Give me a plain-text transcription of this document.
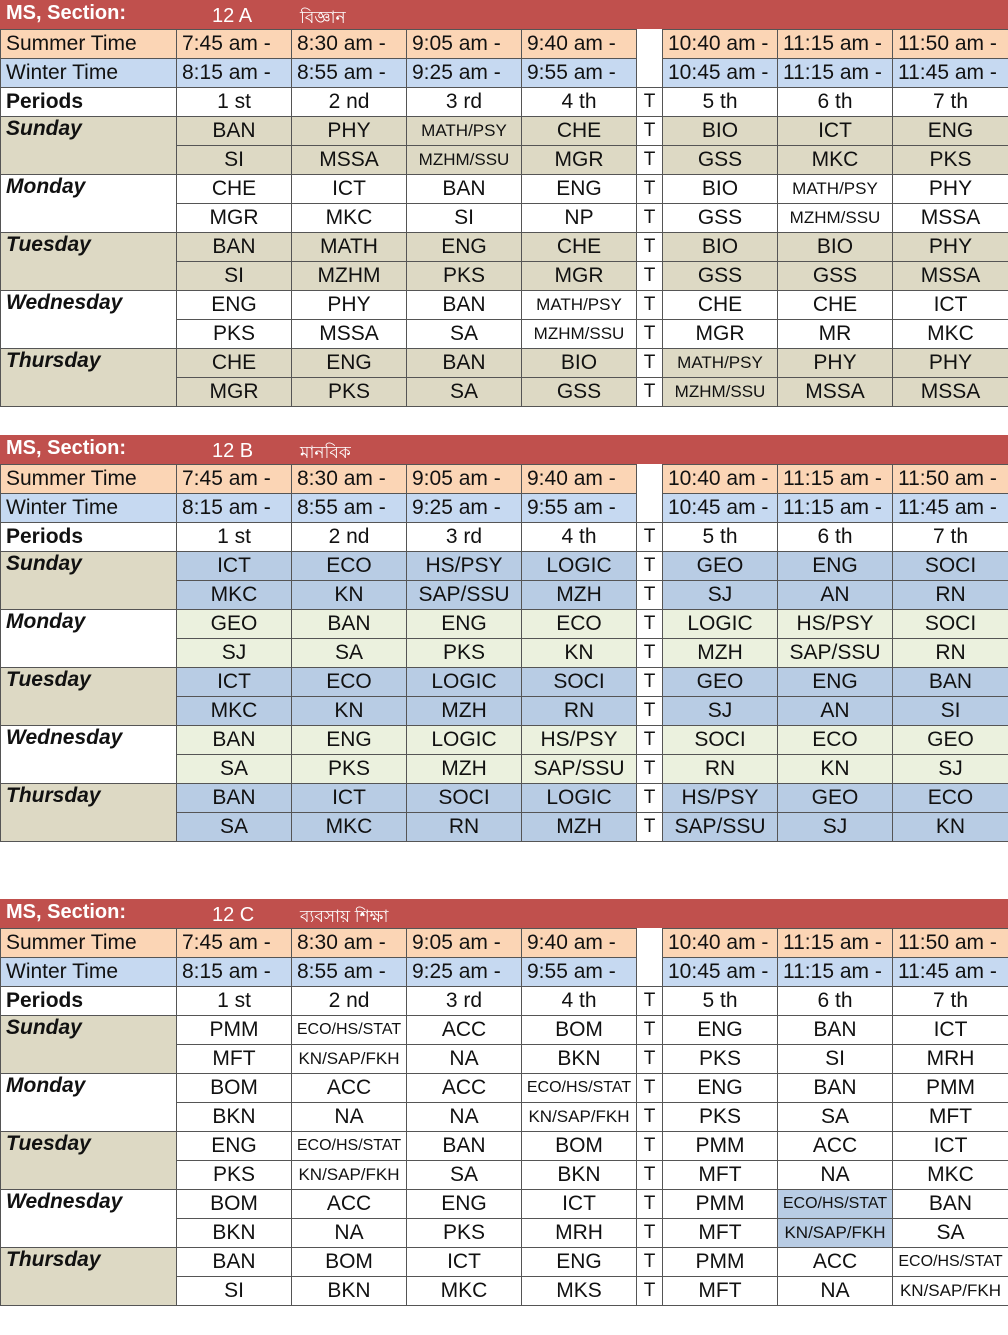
MS, Section:	12 A	বিজ্ঞান
Summer Time	7:45 am -	8:30 am -	9:05 am -	9:40 am -		10:40 am -	11:15 am -	11:50 am -
Winter Time	8:15 am -	8:55 am -	9:25 am -	9:55 am -		10:45 am -	11:15 am -	11:45 am -
Periods	1 st	2 nd	3 rd	4 th	T	5 th	6 th	7 th
Sunday	BAN	PHY	MATH/PSY	CHE	T	BIO	ICT	ENG
	SI	MSSA	MZHM/SSU	MGR	T	GSS	MKC	PKS
Monday	CHE	ICT	BAN	ENG	T	BIO	MATH/PSY	PHY
	MGR	MKC	SI	NP	T	GSS	MZHM/SSU	MSSA
Tuesday	BAN	MATH	ENG	CHE	T	BIO	BIO	PHY
	SI	MZHM	PKS	MGR	T	GSS	GSS	MSSA
Wednesday	ENG	PHY	BAN	MATH/PSY	T	CHE	CHE	ICT
	PKS	MSSA	SA	MZHM/SSU	T	MGR	MR	MKC
Thursday	CHE	ENG	BAN	BIO	T	MATH/PSY	PHY	PHY
	MGR	PKS	SA	GSS	T	MZHM/SSU	MSSA	MSSA
MS, Section:	12 B	মানবিক
Summer Time	7:45 am -	8:30 am -	9:05 am -	9:40 am -		10:40 am -	11:15 am -	11:50 am -
Winter Time	8:15 am -	8:55 am -	9:25 am -	9:55 am -		10:45 am -	11:15 am -	11:45 am -
Periods	1 st	2 nd	3 rd	4 th	T	5 th	6 th	7 th
Sunday	ICT	ECO	HS/PSY	LOGIC	T	GEO	ENG	SOCI
	MKC	KN	SAP/SSU	MZH	T	SJ	AN	RN
Monday	GEO	BAN	ENG	ECO	T	LOGIC	HS/PSY	SOCI
	SJ	SA	PKS	KN	T	MZH	SAP/SSU	RN
Tuesday	ICT	ECO	LOGIC	SOCI	T	GEO	ENG	BAN
	MKC	KN	MZH	RN	T	SJ	AN	SI
Wednesday	BAN	ENG	LOGIC	HS/PSY	T	SOCI	ECO	GEO
	SA	PKS	MZH	SAP/SSU	T	RN	KN	SJ
Thursday	BAN	ICT	SOCI	LOGIC	T	HS/PSY	GEO	ECO
	SA	MKC	RN	MZH	T	SAP/SSU	SJ	KN
MS, Section:	12 C	ব্যবসায় শিক্ষা
Summer Time	7:45 am -	8:30 am -	9:05 am -	9:40 am -		10:40 am -	11:15 am -	11:50 am -
Winter Time	8:15 am -	8:55 am -	9:25 am -	9:55 am -		10:45 am -	11:15 am -	11:45 am -
Periods	1 st	2 nd	3 rd	4 th	T	5 th	6 th	7 th
Sunday	PMM	ECO/HS/STAT	ACC	BOM	T	ENG	BAN	ICT
	MFT	KN/SAP/FKH	NA	BKN	T	PKS	SI	MRH
Monday	BOM	ACC	ACC	ECO/HS/STAT	T	ENG	BAN	PMM
	BKN	NA	NA	KN/SAP/FKH	T	PKS	SA	MFT
Tuesday	ENG	ECO/HS/STAT	BAN	BOM	T	PMM	ACC	ICT
	PKS	KN/SAP/FKH	SA	BKN	T	MFT	NA	MKC
Wednesday	BOM	ACC	ENG	ICT	T	PMM	ECO/HS/STAT	BAN
	BKN	NA	PKS	MRH	T	MFT	KN/SAP/FKH	SA
Thursday	BAN	BOM	ICT	ENG	T	PMM	ACC	ECO/HS/STAT
	SI	BKN	MKC	MKS	T	MFT	NA	KN/SAP/FKH
